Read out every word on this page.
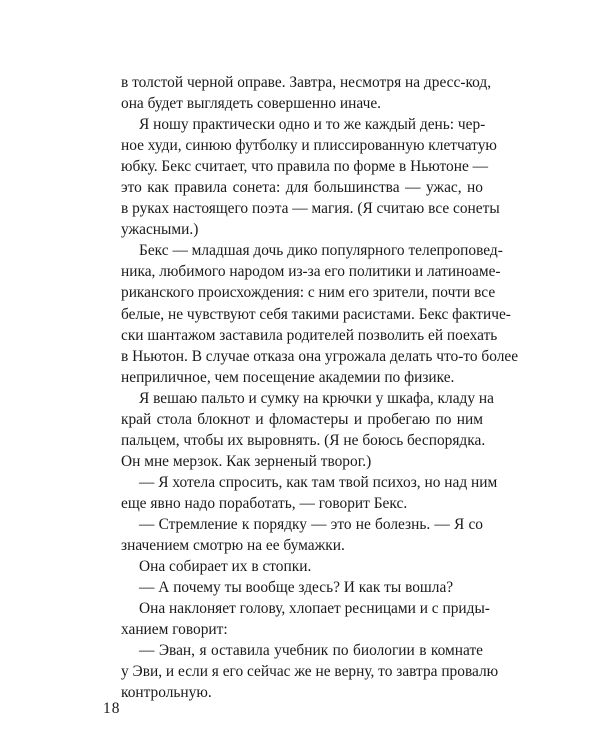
в толстой черной оправе. Завтра, несмотря на дресс-код,
она будет выглядеть совершенно иначе.
Я ношу практически одно и то же каждый день: чер-
ное худи, синюю футболку и плиссированную клетчатую
юбку. Бекс считает, что правила по форме в Ньютоне —
это как правила сонета: для большинства — ужас, но
в руках настоящего поэта — магия. (Я считаю все сонеты
ужасными.)
Бекс — младшая дочь дико популярного телепроповед-
ника, любимого народом из-за его политики и латиноаме-
риканского происхождения: с ним его зрители, почти все
белые, не чувствуют себя такими расистами. Бекс фактиче-
ски шантажом заставила родителей позволить ей поехать
в Ньютон. В случае отказа она угрожала делать что-то более
неприличное, чем посещение академии по физике.
Я вешаю пальто и сумку на крючки у шкафа, кладу на
край стола блокнот и фломастеры и пробегаю по ним
пальцем, чтобы их выровнять. (Я не боюсь беспорядка.
Он мне мерзок. Как зерненый творог.)
— Я хотела спросить, как там твой психоз, но над ним
еще явно надо поработать, — говорит Бекс.
— Стремление к порядку — это не болезнь. — Я со
значением смотрю на ее бумажки.
Она собирает их в стопки.
— А почему ты вообще здесь? И как ты вошла?
Она наклоняет голову, хлопает ресницами и с приды-
ханием говорит:
— Эван, я оставила учебник по биологии в комнате
у Эви, и если я его сейчас же не верну, то завтра провалю
контрольную.
18
